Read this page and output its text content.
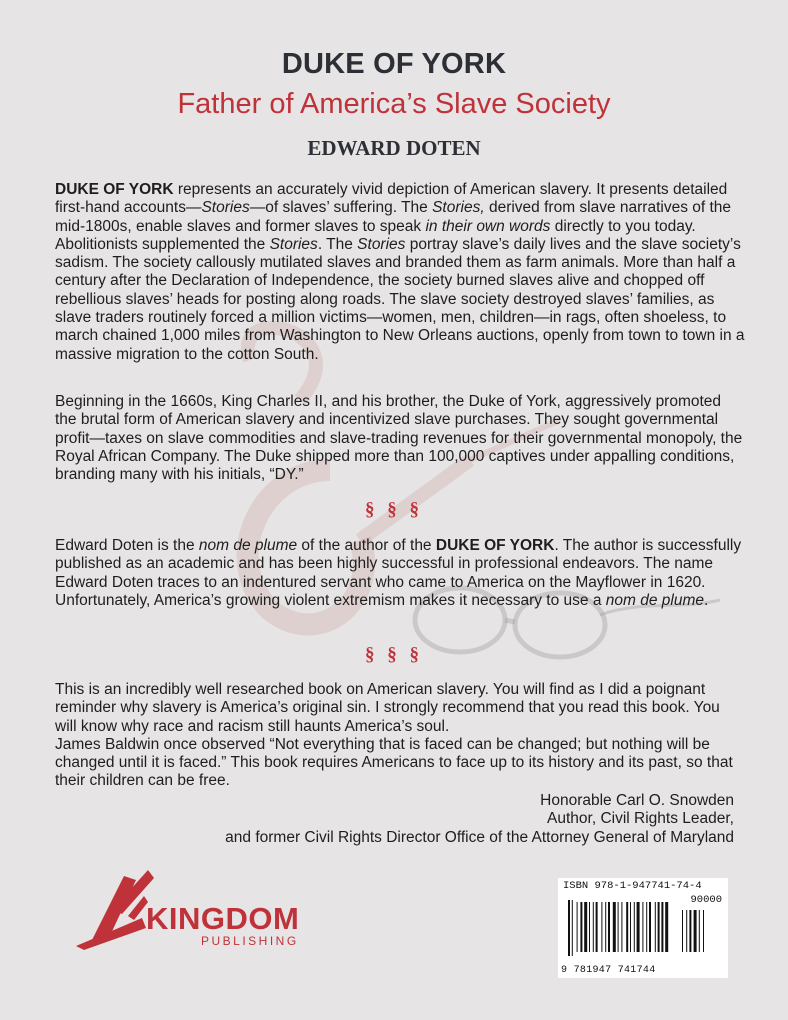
DUKE OF YORK
Father of America’s Slave Society
EDWARD DOTEN

DUKE OF YORK represents an accurately vivid depiction of American slavery. It presents detailed first-hand accounts—Stories—of slaves’ suffering. The Stories, derived from slave narratives of the mid-1800s, enable slaves and former slaves to speak in their own words directly to you today. Abolitionists supplemented the Stories. The Stories portray slave’s daily lives and the slave society’s sadism. The society callously mutilated slaves and branded them as farm animals. More than half a century after the Declaration of Independence, the society burned slaves alive and chopped off rebellious slaves’ heads for posting along roads. The slave society destroyed slaves’ families, as slave traders routinely forced a million victims—women, men, children—in rags, often shoeless, to march chained 1,000 miles from Washington to New Orleans auctions, openly from town to town in a massive migration to the cotton South.

Beginning in the 1660s, King Charles II, and his brother, the Duke of York, aggressively promoted the brutal form of American slavery and incentivized slave purchases. They sought governmental profit—taxes on slave commodities and slave-trading revenues for their governmental monopoly, the Royal African Company. The Duke shipped more than 100,000 captives under appalling conditions, branding many with his initials, “DY.”

§ § §

Edward Doten is the nom de plume of the author of the DUKE OF YORK. The author is successfully published as an academic and has been highly successful in professional endeavors. The name Edward Doten traces to an indentured servant who came to America on the Mayflower in 1620. Unfortunately, America’s growing violent extremism makes it necessary to use a nom de plume.

§ § §
This is an incredibly well researched book on American slavery. You will find as I did a poignant reminder why slavery is America’s original sin. I strongly recommend that you read this book. You will know why race and racism still haunts America’s soul.
James Baldwin once observed “Not everything that is faced can be changed; but nothing will be changed until it is faced.” This book requires Americans to face up to its history and its past, so that their children can be free.
Honorable Carl O. Snowden
Author, Civil Rights Leader,
and former Civil Rights Director Office of the Attorney General of Maryland
KINGDOM
PUBLISHING
ISBN 978-1-947741-74-4
90000
9 781947 741744
